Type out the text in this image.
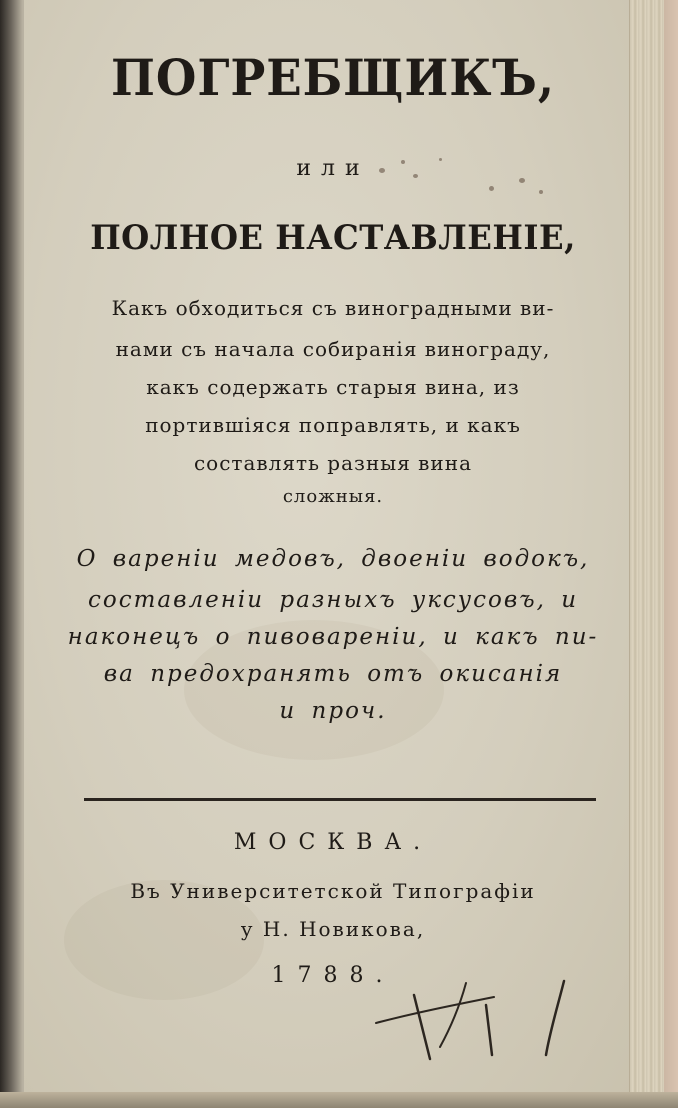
ПОГРЕБЩИКЪ,
или
ПОЛНОЕ НАСТАВЛЕНІЕ,
Какъ обходиться съ виноградными ви-
нами съ начала собиранія винограду,
какъ содержать старыя вина, из
портившіяся поправлять, и какъ
составлять разныя вина
сложныя.
О вареніи медовъ, двоеніи водокъ,
составленіи разныхъ уксусовъ, и
наконецъ о пивовареніи, и какъ пи-
ва предохранять отъ окисанія
и проч.
МОСКВА.
Въ Университетской Типографіи
у Н. Новикова,
1788.
